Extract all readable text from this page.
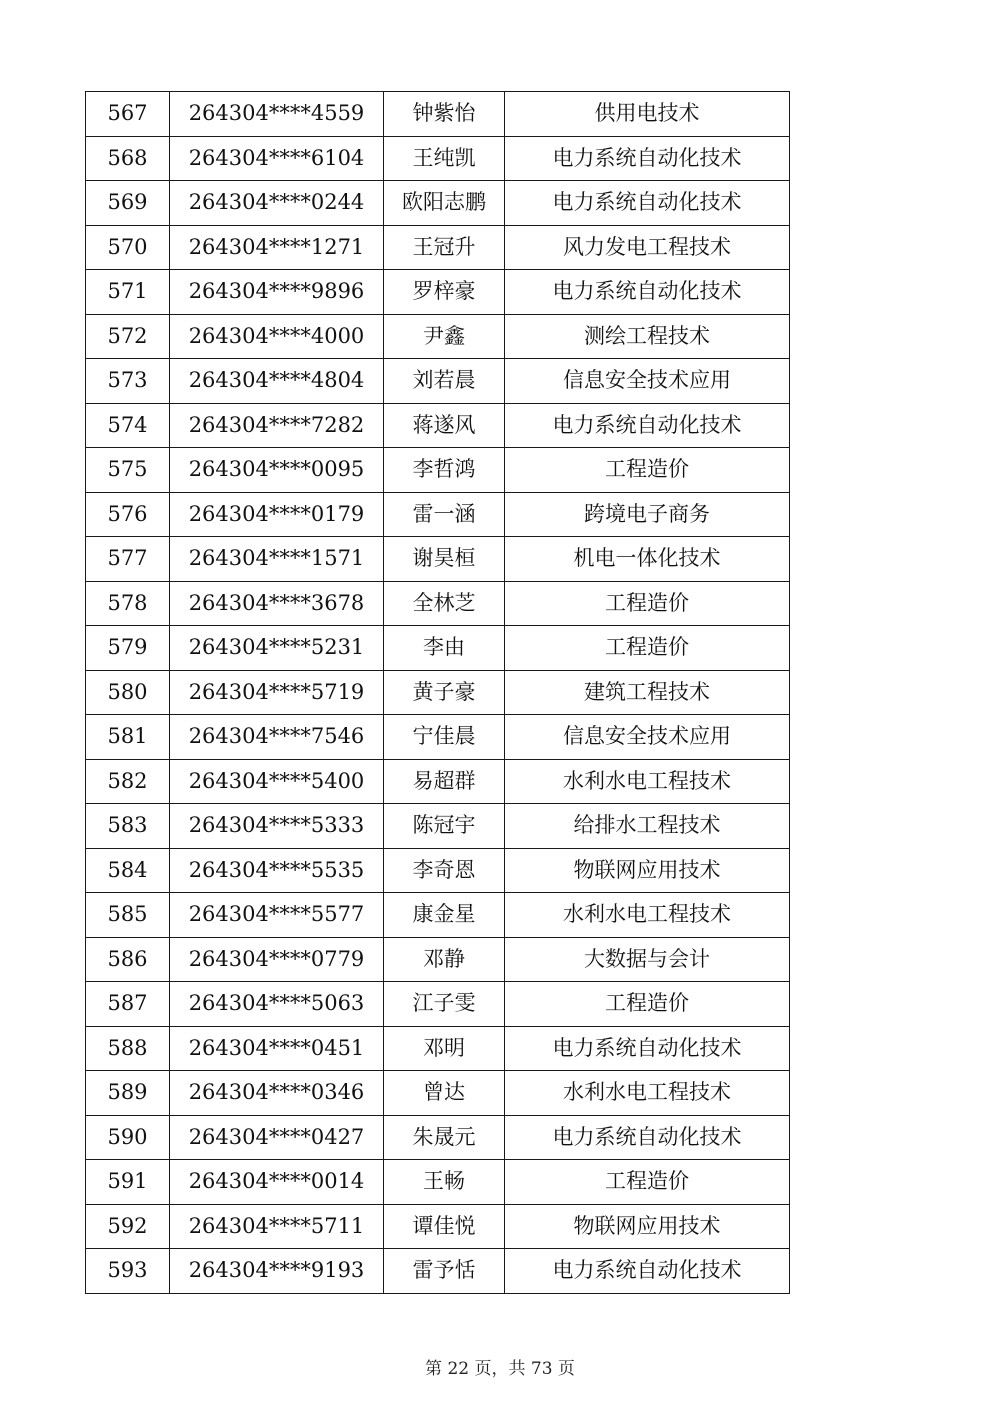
567	264304****4559	钟紫怡	供用电技术
568	264304****6104	王纯凯	电力系统自动化技术
569	264304****0244	欧阳志鹏	电力系统自动化技术
570	264304****1271	王冠升	风力发电工程技术
571	264304****9896	罗梓豪	电力系统自动化技术
572	264304****4000	尹鑫	测绘工程技术
573	264304****4804	刘若晨	信息安全技术应用
574	264304****7282	蒋遂风	电力系统自动化技术
575	264304****0095	李哲鸿	工程造价
576	264304****0179	雷一涵	跨境电子商务
577	264304****1571	谢昊桓	机电一体化技术
578	264304****3678	全林芝	工程造价
579	264304****5231	李由	工程造价
580	264304****5719	黄子豪	建筑工程技术
581	264304****7546	宁佳晨	信息安全技术应用
582	264304****5400	易超群	水利水电工程技术
583	264304****5333	陈冠宇	给排水工程技术
584	264304****5535	李奇恩	物联网应用技术
585	264304****5577	康金星	水利水电工程技术
586	264304****0779	邓静	大数据与会计
587	264304****5063	江子雯	工程造价
588	264304****0451	邓明	电力系统自动化技术
589	264304****0346	曾达	水利水电工程技术
590	264304****0427	朱晟元	电力系统自动化技术
591	264304****0014	王畅	工程造价
592	264304****5711	谭佳悦	物联网应用技术
593	264304****9193	雷予恬	电力系统自动化技术
第 22 页，共 73 页
